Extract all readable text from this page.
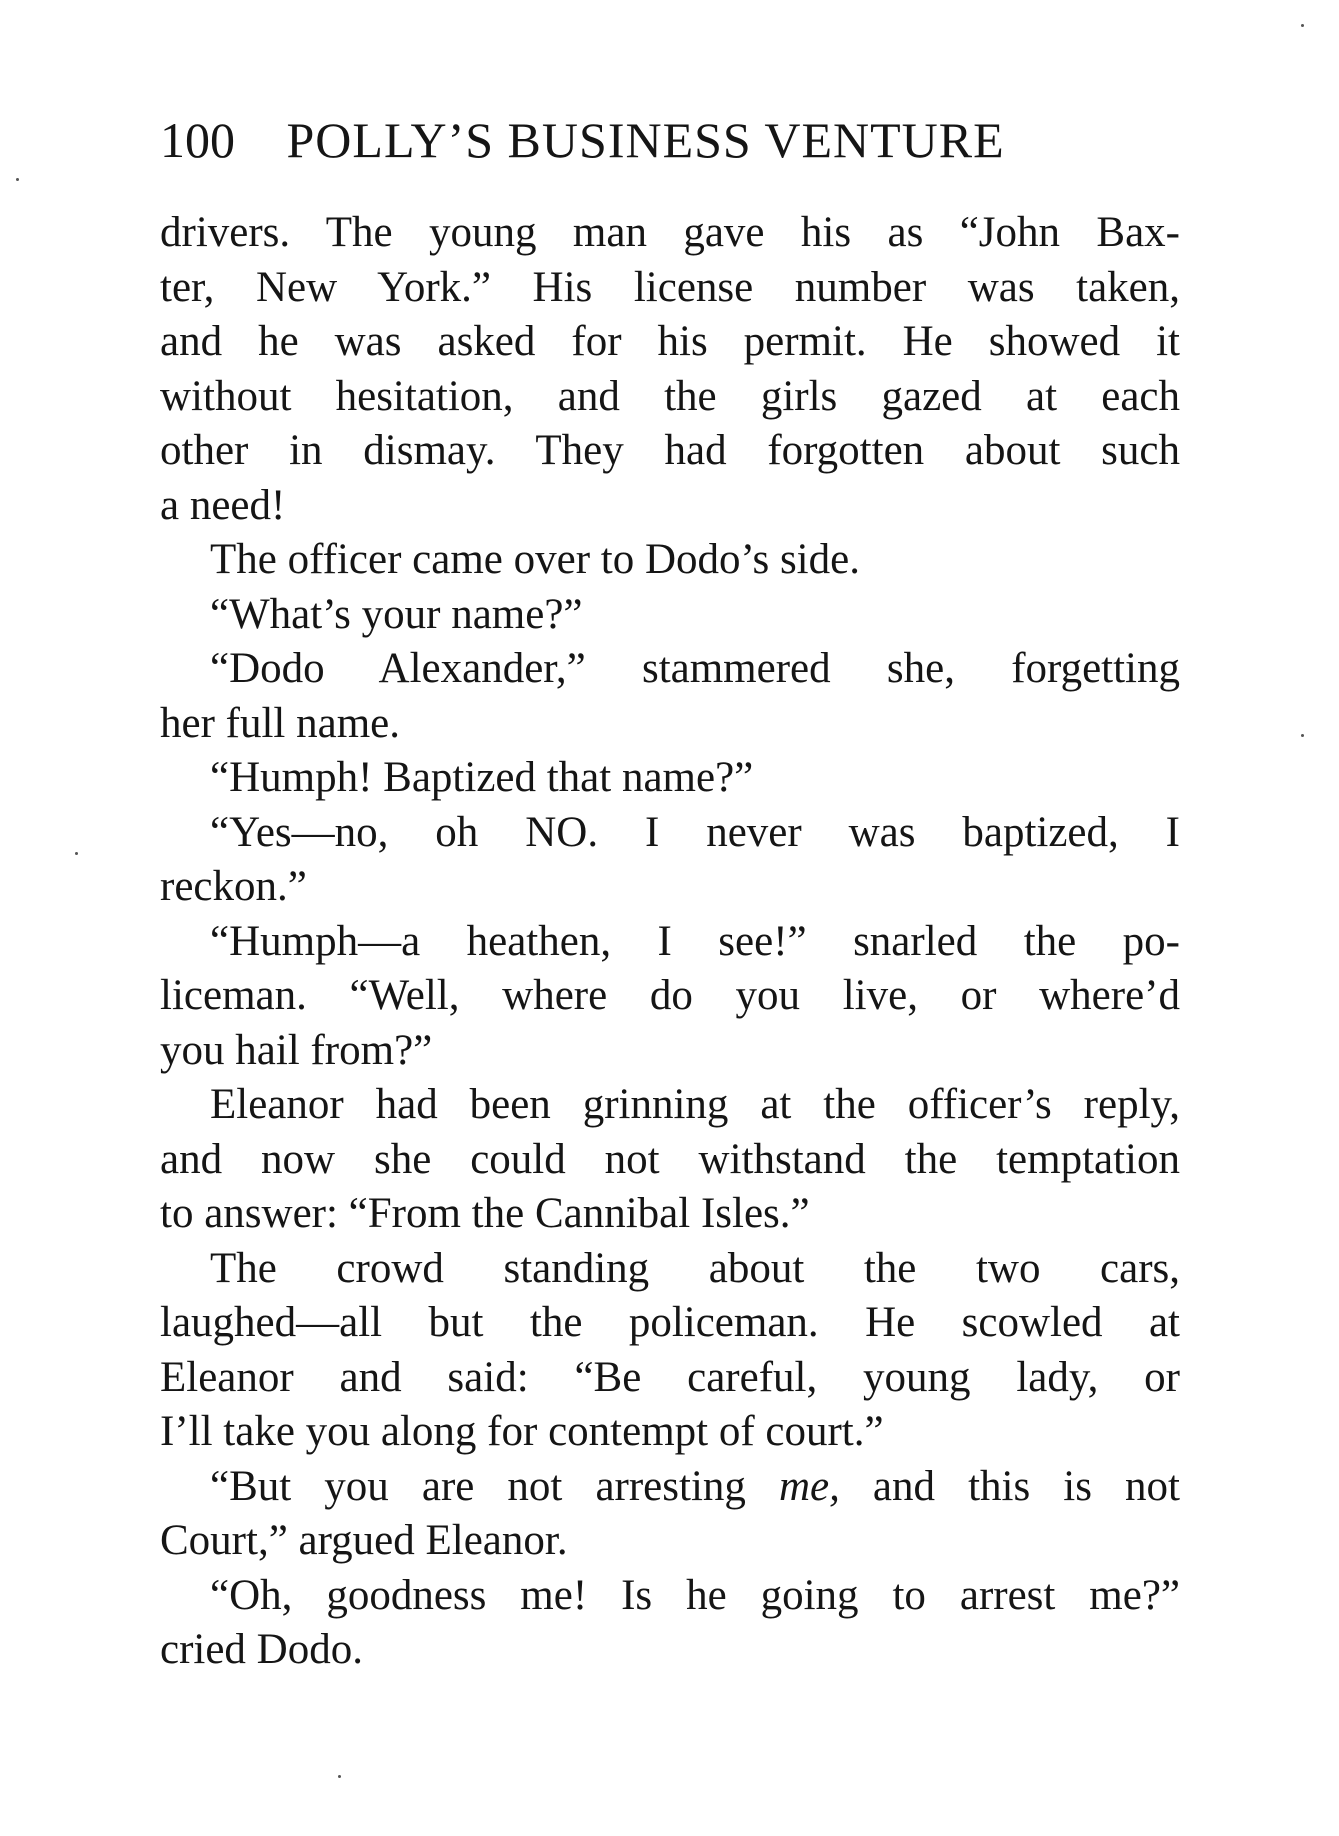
100 POLLY’S BUSINESS VENTURE
drivers. The young man gave his as “John Bax-
ter, New York.” His license number was taken,
and he was asked for his permit. He showed it
without hesitation, and the girls gazed at each
other in dismay. They had forgotten about such
a need!
The officer came over to Dodo’s side.
“What’s your name?”
“Dodo Alexander,” stammered she, forgetting
her full name.
“Humph! Baptized that name?”
“Yes—no, oh NO. I never was baptized, I
reckon.”
“Humph—a heathen, I see!” snarled the po-
liceman. “Well, where do you live, or where’d
you hail from?”
Eleanor had been grinning at the officer’s reply,
and now she could not withstand the temptation
to answer: “From the Cannibal Isles.”
The crowd standing about the two cars,
laughed—all but the policeman. He scowled at
Eleanor and said: “Be careful, young lady, or
I’ll take you along for contempt of court.”
“But you are not arresting me, and this is not
Court,” argued Eleanor.
“Oh, goodness me! Is he going to arrest me?”
cried Dodo.
